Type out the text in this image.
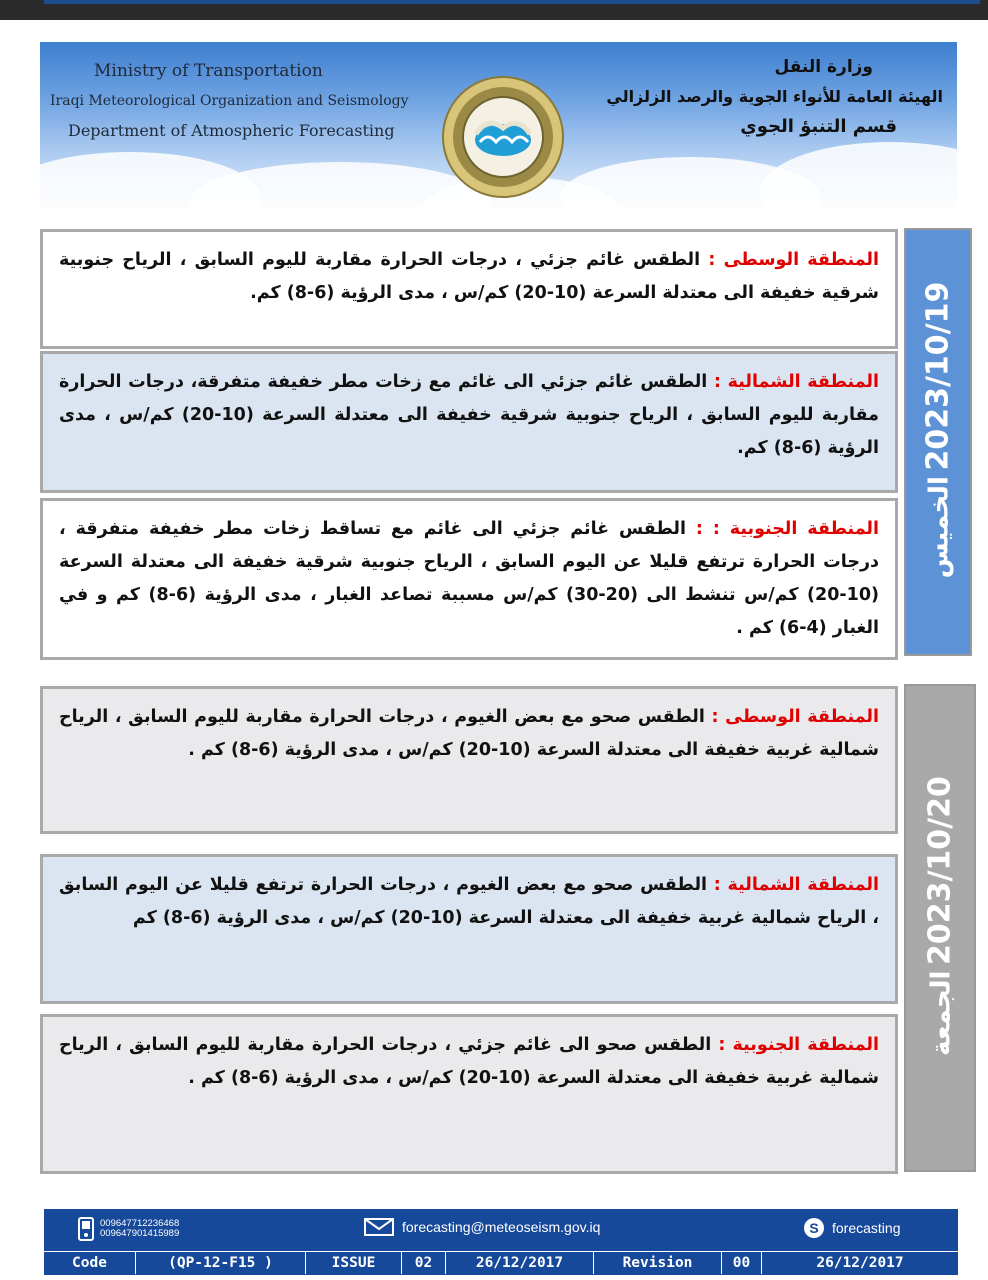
Ministry of Transportation
Iraqi Meteorological Organization and Seismology
Department of Atmospheric Forecasting
وزارة النقل
الهيئة العامة للأنواء الجوية والرصد الزلزالي
قسم التنبؤ الجوي
المنطقة الوسطى : الطقس غائم جزئي ، درجات الحرارة مقاربة لليوم السابق ، الرياح جنوبية شرقية خفيفة الى معتدلة السرعة (10-20) كم/س ، مدى الرؤية (6-8) كم.
المنطقة الشمالية : الطقس غائم جزئي الى غائم مع زخات مطر خفيفة متفرقة، درجات الحرارة مقاربة لليوم السابق ، الرياح جنوبية شرقية خفيفة الى معتدلة السرعة (10-20) كم/س ، مدى الرؤية (6-8) كم.
المنطقة الجنوبية : : الطقس غائم جزئي الى غائم مع تساقط زخات مطر خفيفة متفرقة ، درجات الحرارة ترتفع قليلا عن اليوم السابق ، الرياح جنوبية شرقية خفيفة الى معتدلة السرعة (10-20) كم/س تنشط الى (20-30) كم/س مسببة تصاعد الغبار ، مدى الرؤية (6-8) كم و في الغبار (4-6) كم .
2023/10/19 الخميس
المنطقة الوسطى : الطقس صحو مع بعض الغيوم ، درجات الحرارة مقاربة لليوم السابق ، الرياح شمالية غربية خفيفة الى معتدلة السرعة (10-20) كم/س ، مدى الرؤية (6-8) كم .
المنطقة الشمالية : الطقس صحو مع بعض الغيوم ، درجات الحرارة ترتفع قليلا عن اليوم السابق ، الرياح شمالية غربية خفيفة الى معتدلة السرعة (10-20) كم/س ، مدى الرؤية (6-8) كم
المنطقة الجنوبية : الطقس صحو الى غائم جزئي ، درجات الحرارة مقاربة لليوم السابق ، الرياح شمالية غربية خفيفة الى معتدلة السرعة (10-20) كم/س ، مدى الرؤية (6-8) كم .
2023/10/20 الجمعة
009647712236468
009647901415989	forecasting@meteoseism.gov.iq	S forecasting
Code	(QP-12-F15 )	ISSUE	02	26/12/2017	Revision	00	26/12/2017
